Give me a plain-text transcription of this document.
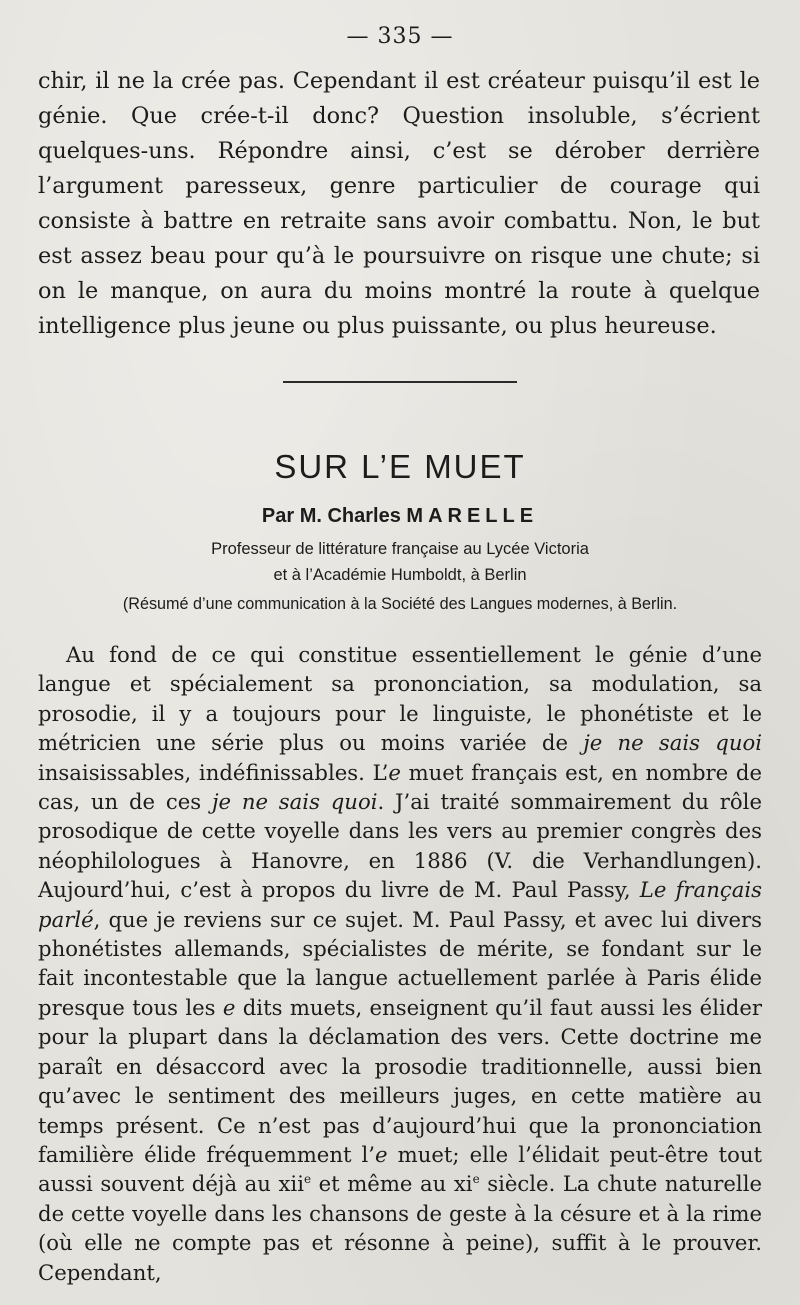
— 335 —

chir, il ne la crée pas. Cependant il est créateur puisqu’il est le génie. Que crée-t-il donc? Question insoluble, s’écrient quelques-uns. Répondre ainsi, c’est se dérober derrière l’argument paresseux, genre particulier de courage qui consiste à battre en retraite sans avoir combattu. Non, le but est assez beau pour qu’à le poursuivre on risque une chute; si on le manque, on aura du moins montré la route à quelque intelligence plus jeune ou plus puissante, ou plus heureuse.

SUR L’E MUET
Par M. Charles MARELLE
Professeur de littérature française au Lycée Victoria
et à l’Académie Humboldt, à Berlin
(Résumé d’une communication à la Société des Langues modernes, à Berlin.

Au fond de ce qui constitue essentiellement le génie d’une langue et spécialement sa prononciation, sa modulation, sa prosodie, il y a toujours pour le linguiste, le phonétiste et le métricien une série plus ou moins variée de je ne sais quoi insaisissables, indéfinissables. L’e muet français est, en nombre de cas, un de ces je ne sais quoi. J’ai traité sommairement du rôle prosodique de cette voyelle dans les vers au premier congrès des néophilologues à Hanovre, en 1886 (V. die Verhandlungen). Aujourd’hui, c’est à propos du livre de M. Paul Passy, Le français parlé, que je reviens sur ce sujet. M. Paul Passy, et avec lui divers phonétistes allemands, spécialistes de mérite, se fondant sur le fait incontestable que la langue actuellement parlée à Paris élide presque tous les e dits muets, enseignent qu’il faut aussi les élider pour la plupart dans la déclamation des vers. Cette doctrine me paraît en désaccord avec la prosodie traditionnelle, aussi bien qu’avec le sentiment des meilleurs juges, en cette matière au temps présent. Ce n’est pas d’aujourd’hui que la prononciation familière élide fréquemment l’e muet; elle l’élidait peut-être tout aussi souvent déjà au xii$^e$ et même au $xi^e$ siècle. La chute naturelle de cette voyelle dans les chansons de geste à la césure et à la rime (où elle ne compte pas et résonne à peine), suffit à le prouver. Cependant,
